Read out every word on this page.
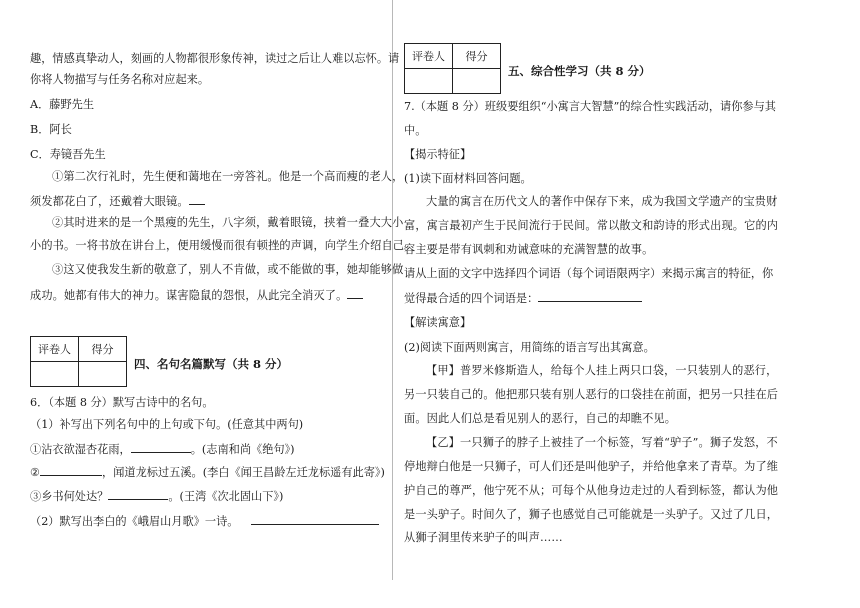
趣，情感真挚动人，刻画的人物都很形象传神，读过之后让人难以忘怀。请
你将人物描写与任务名称对应起来。
A．藤野先生
B．阿长
C．寿镜吾先生
①第二次行礼时，先生便和蔼地在一旁答礼。他是一个高而瘦的老人，
须发都花白了，还戴着大眼镜。
②其时进来的是一个黑瘦的先生，八字须，戴着眼镜，挟着一叠大大小
小的书。一将书放在讲台上，便用缓慢而很有顿挫的声调，向学生介绍自己。
③这又使我发生新的敬意了，别人不肯做，或不能做的事，她却能够做
成功。她都有伟大的神力。谋害隐鼠的怨恨，从此完全消灭了。
评卷人	得分

四、名句名篇默写（共 8 分）
6．（本题 8 分）默写古诗中的名句。
（1）补写出下列名句中的上句或下句。(任意其中两句)
①沾衣欲湿杏花雨，	。(志南和尚《绝句》)
②	，闻道龙标过五溪。(李白《闻王昌龄左迁龙标遥有此寄》)
③乡书何处达？	。(王湾《次北固山下》)
（2）默写出李白的《峨眉山月歌》一诗。
评卷人	得分

五、综合性学习（共 8 分）
7.（本题 8 分）班级要组织“小寓言大智慧”的综合性实践活动，请你参与其
中。
【揭示特征】
(1)读下面材料回答问题。
大量的寓言在历代文人的著作中保存下来，成为我国文学遗产的宝贵财
富，寓言最初产生于民间流行于民间。常以散文和韵诗的形式出现。它的内
容主要是带有讽刺和劝诫意味的充满智慧的故事。
请从上面的文字中选择四个词语（每个词语限两字）来揭示寓言的特征，你
觉得最合适的四个词语是：
【解读寓意】
(2)阅读下面两则寓言，用简练的语言写出其寓意。
【甲】普罗米修斯造人，给每个人挂上两只口袋，一只装别人的恶行，
另一只装自己的。他把那只装有别人恶行的口袋挂在前面，把另一只挂在后
面。因此人们总是看见别人的恶行，自己的却瞧不见。
【乙】一只狮子的脖子上被挂了一个标签，写着“驴子”。狮子发怒，不
停地辩白他是一只狮子，可人们还是叫他驴子，并给他拿来了青草。为了维
护自己的尊严，他宁死不从；可每个从他身边走过的人看到标签，都认为他
是一头驴子。时间久了，狮子也感觉自己可能就是一头驴子。又过了几日，
从狮子洞里传来驴子的叫声……
